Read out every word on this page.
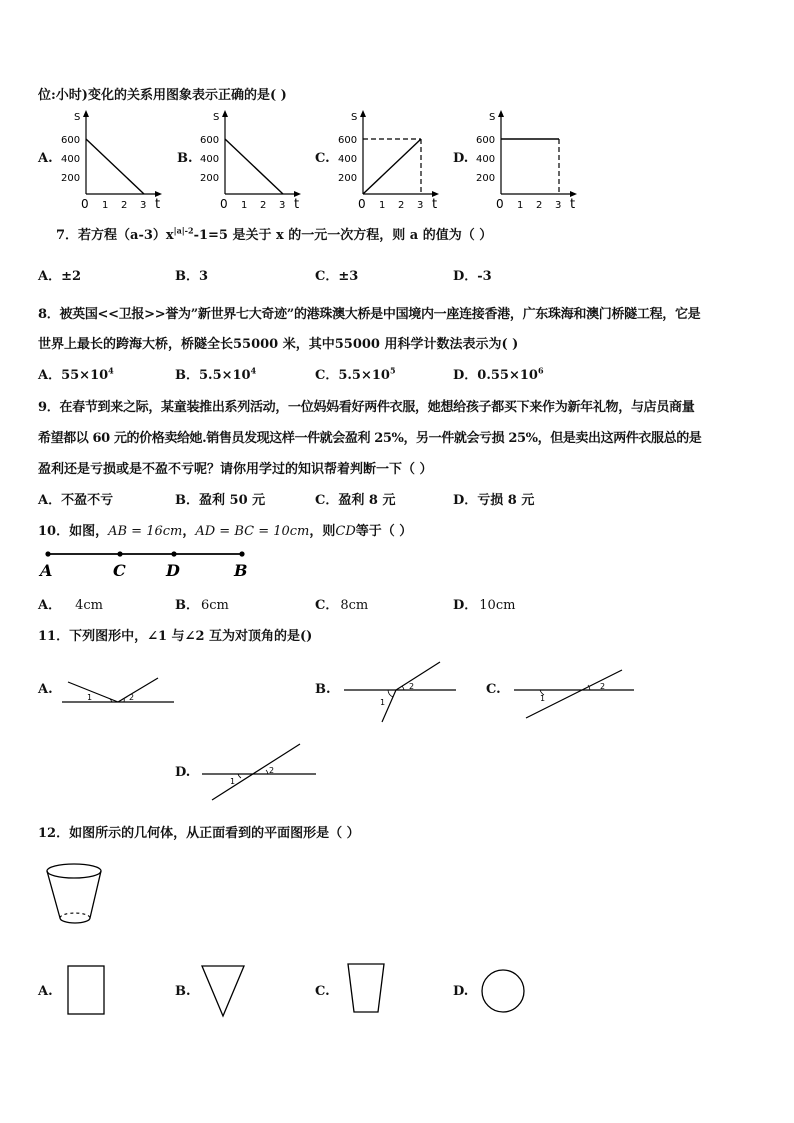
位:小时)变化的关系用图象表示正确的是( )
A.	B.	C.	D.
S
600
400
200
0 1 2 3 t
S
600
400
200
0 1 2 3 t
S
600
400
200
0 1 2 3 t
S
600
400
200
0 1 2 3 t
7．若方程$(a-3)x^{|a|-2}-1=5$ 是关于 x 的一元一次方程，则 a 的值为（ ）
A．±2	B．3	C．±3	D．-3
8．被英国<<卫报>>誉为”新世界七大奇迹”的港珠澳大桥是中国境内一座连接香港，广东珠海和澳门桥隧工程，它是
世界上最长的跨海大桥，桥隧全长55000 米，其中55000 用科学计数法表示为( )
A．$55\times 10^4$	B．$5.5\times 10^4$	C．$5.5\times 10^5$	D．$0.55\times 10^6$
9．在春节到来之际，某童装推出系列活动，一位妈妈看好两件衣服，她想给孩子都买下来作为新年礼物，与店员商量
希望都以 60 元的价格卖给她.销售员发现这样一件就会盈利 25%，另一件就会亏损 25%，但是卖出这两件衣服总的是
盈利还是亏损或是不盈不亏呢？请你用学过的知识帮着判断一下（ ）
A．不盈不亏	B．盈利 50 元	C．盈利 8 元	D．亏损 8 元
10．如图，AB = 16cm，AD = BC = 10cm，则CD等于（ ）
A	C	D	B
A． 4cm	B． 6cm	C． 8cm	D． 10cm
11．下列图形中，∠1 与∠2 互为对顶角的是()
A.
1	2
B.
1
2	C.
1
2
D.
1
2
12．如图所示的几何体，从正面看到的平面图形是（ ）
A.	B.	C.	D.
